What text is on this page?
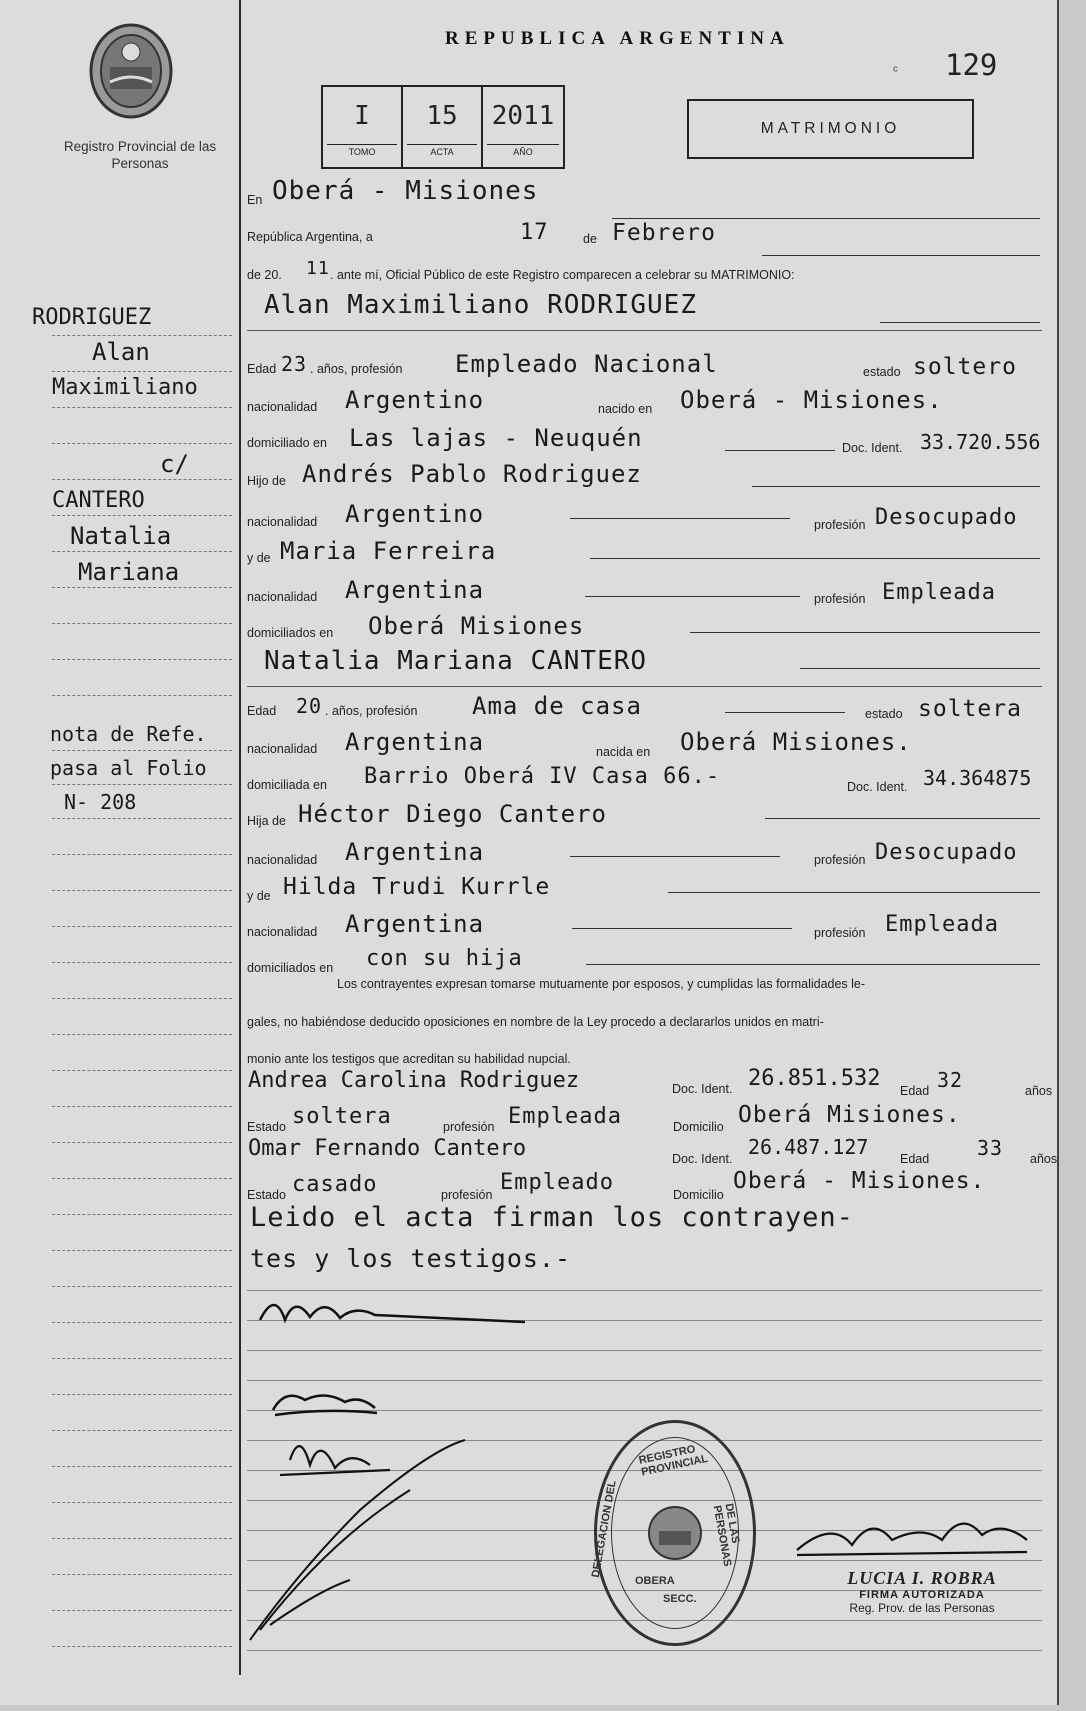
Registro Provincial de las Personas
REPUBLICA ARGENTINA
ᶜ 129
I
TOMO
15
ACTA
2011
AÑO
MATRIMONIO
En Oberá - Misiones
República Argentina, a	17	de Febrero
de 20. 11 . ante mí, Oficial Público de este Registro comparecen a celebrar su MATRIMONIO:
Alan Maximiliano RODRIGUEZ
Edad 23 . años, profesión Empleado Nacional	estado soltero
nacionalidad Argentino	nacido en Oberá - Misiones.
domiciliado en Las lajas - Neuquén	Doc. Ident. 33.720.556
Hijo de Andrés Pablo Rodriguez
nacionalidad Argentino	profesión Desocupado
y de Maria Ferreira
nacionalidad Argentina	profesión Empleada
domiciliados en Oberá Misiones
Natalia Mariana CANTERO
Edad 20 . años, profesión Ama de casa	estado soltera
nacionalidad Argentina	nacida en Oberá Misiones.
domiciliada en Barrio Oberá IV Casa 66.-	Doc. Ident. 34.364875
Hija de Héctor Diego Cantero
nacionalidad Argentina	profesión Desocupado
y de Hilda Trudi Kurrle
nacionalidad Argentina	profesión Empleada
domiciliados en con su hija
Los contrayentes expresan tomarse mutuamente por esposos, y cumplidas las formalidades le-
gales, no habiéndose deducido oposiciones en nombre de la Ley procedo a declararlos unidos en matri-
monio ante los testigos que acreditan su habilidad nupcial.
Andrea Carolina Rodriguez	Doc. Ident. 26.851.532 Edad 32	años
Estado soltera	profesión Empleada	Domicilio Oberá Misiones.
Omar Fernando Cantero	Doc. Ident. 26.487.127	Edad 33 años
Estado casado	profesión Empleado	Domicilio
Oberá - Misiones.
Leido el acta firman los contrayen-
tes y los testigos.-
REGISTRO PROVINCIAL
DELEGACION DEL	DE LAS PERSONAS
OBERA
SECC.
LUCIA I. ROBRA
FIRMA AUTORIZADA
Reg. Prov. de las Personas
RODRIGUEZ
Alan
Maximiliano
c/
CANTERO
Natalia
Mariana
nota de Refe.
pasa al Folio
N- 208
